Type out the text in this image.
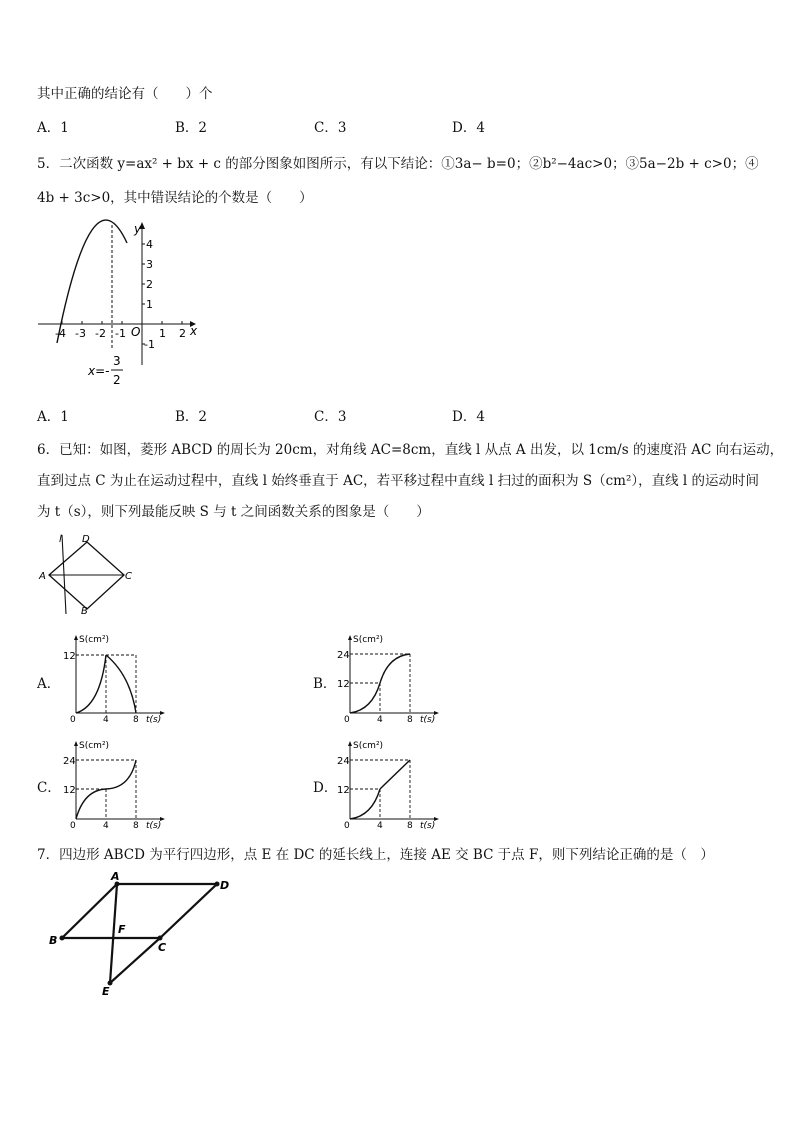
其中正确的结论有（　　）个
A．1	B．2	C．3	D．4
5．二次函数 y=ax² + bx + c 的部分图象如图所示，有以下结论：①3a− b=0；②b²−4ac>0；③5a−2b + c>0；④
4b + 3c>0，其中错误结论的个数是（　　）
y
x
O
-4 -3 -2 -1	1 2
4
3
2
1
-1
x=-
3
2
A．1	B．2	C．3	D．4
6．已知：如图，菱形 ABCD 的周长为 20cm，对角线 AC=8cm，直线 l 从点 A 出发，以 1cm/s 的速度沿 AC 向右运动，
直到过点 C 为止在运动过程中，直线 l 始终垂直于 AC，若平移过程中直线 l 扫过的面积为 S（cm²），直线 l 的运动时间
为 t（s），则下列最能反映 S 与 t 之间函数关系的图象是（　　）
l D
A	C
B
A．
S(cm²)
12
0	4	8 t(s)
B．
S(cm²)
24
12
0	4	8 t(s)
C．
S(cm²)
24
12
0	4	8 t(s)
D．
S(cm²)
24
12
0	4	8 t(s)
7．四边形 ABCD 为平行四边形，点 E 在 DC 的延长线上，连接 AE 交 BC 于点 F，则下列结论正确的是（　）
A
D
B
C
F
E
